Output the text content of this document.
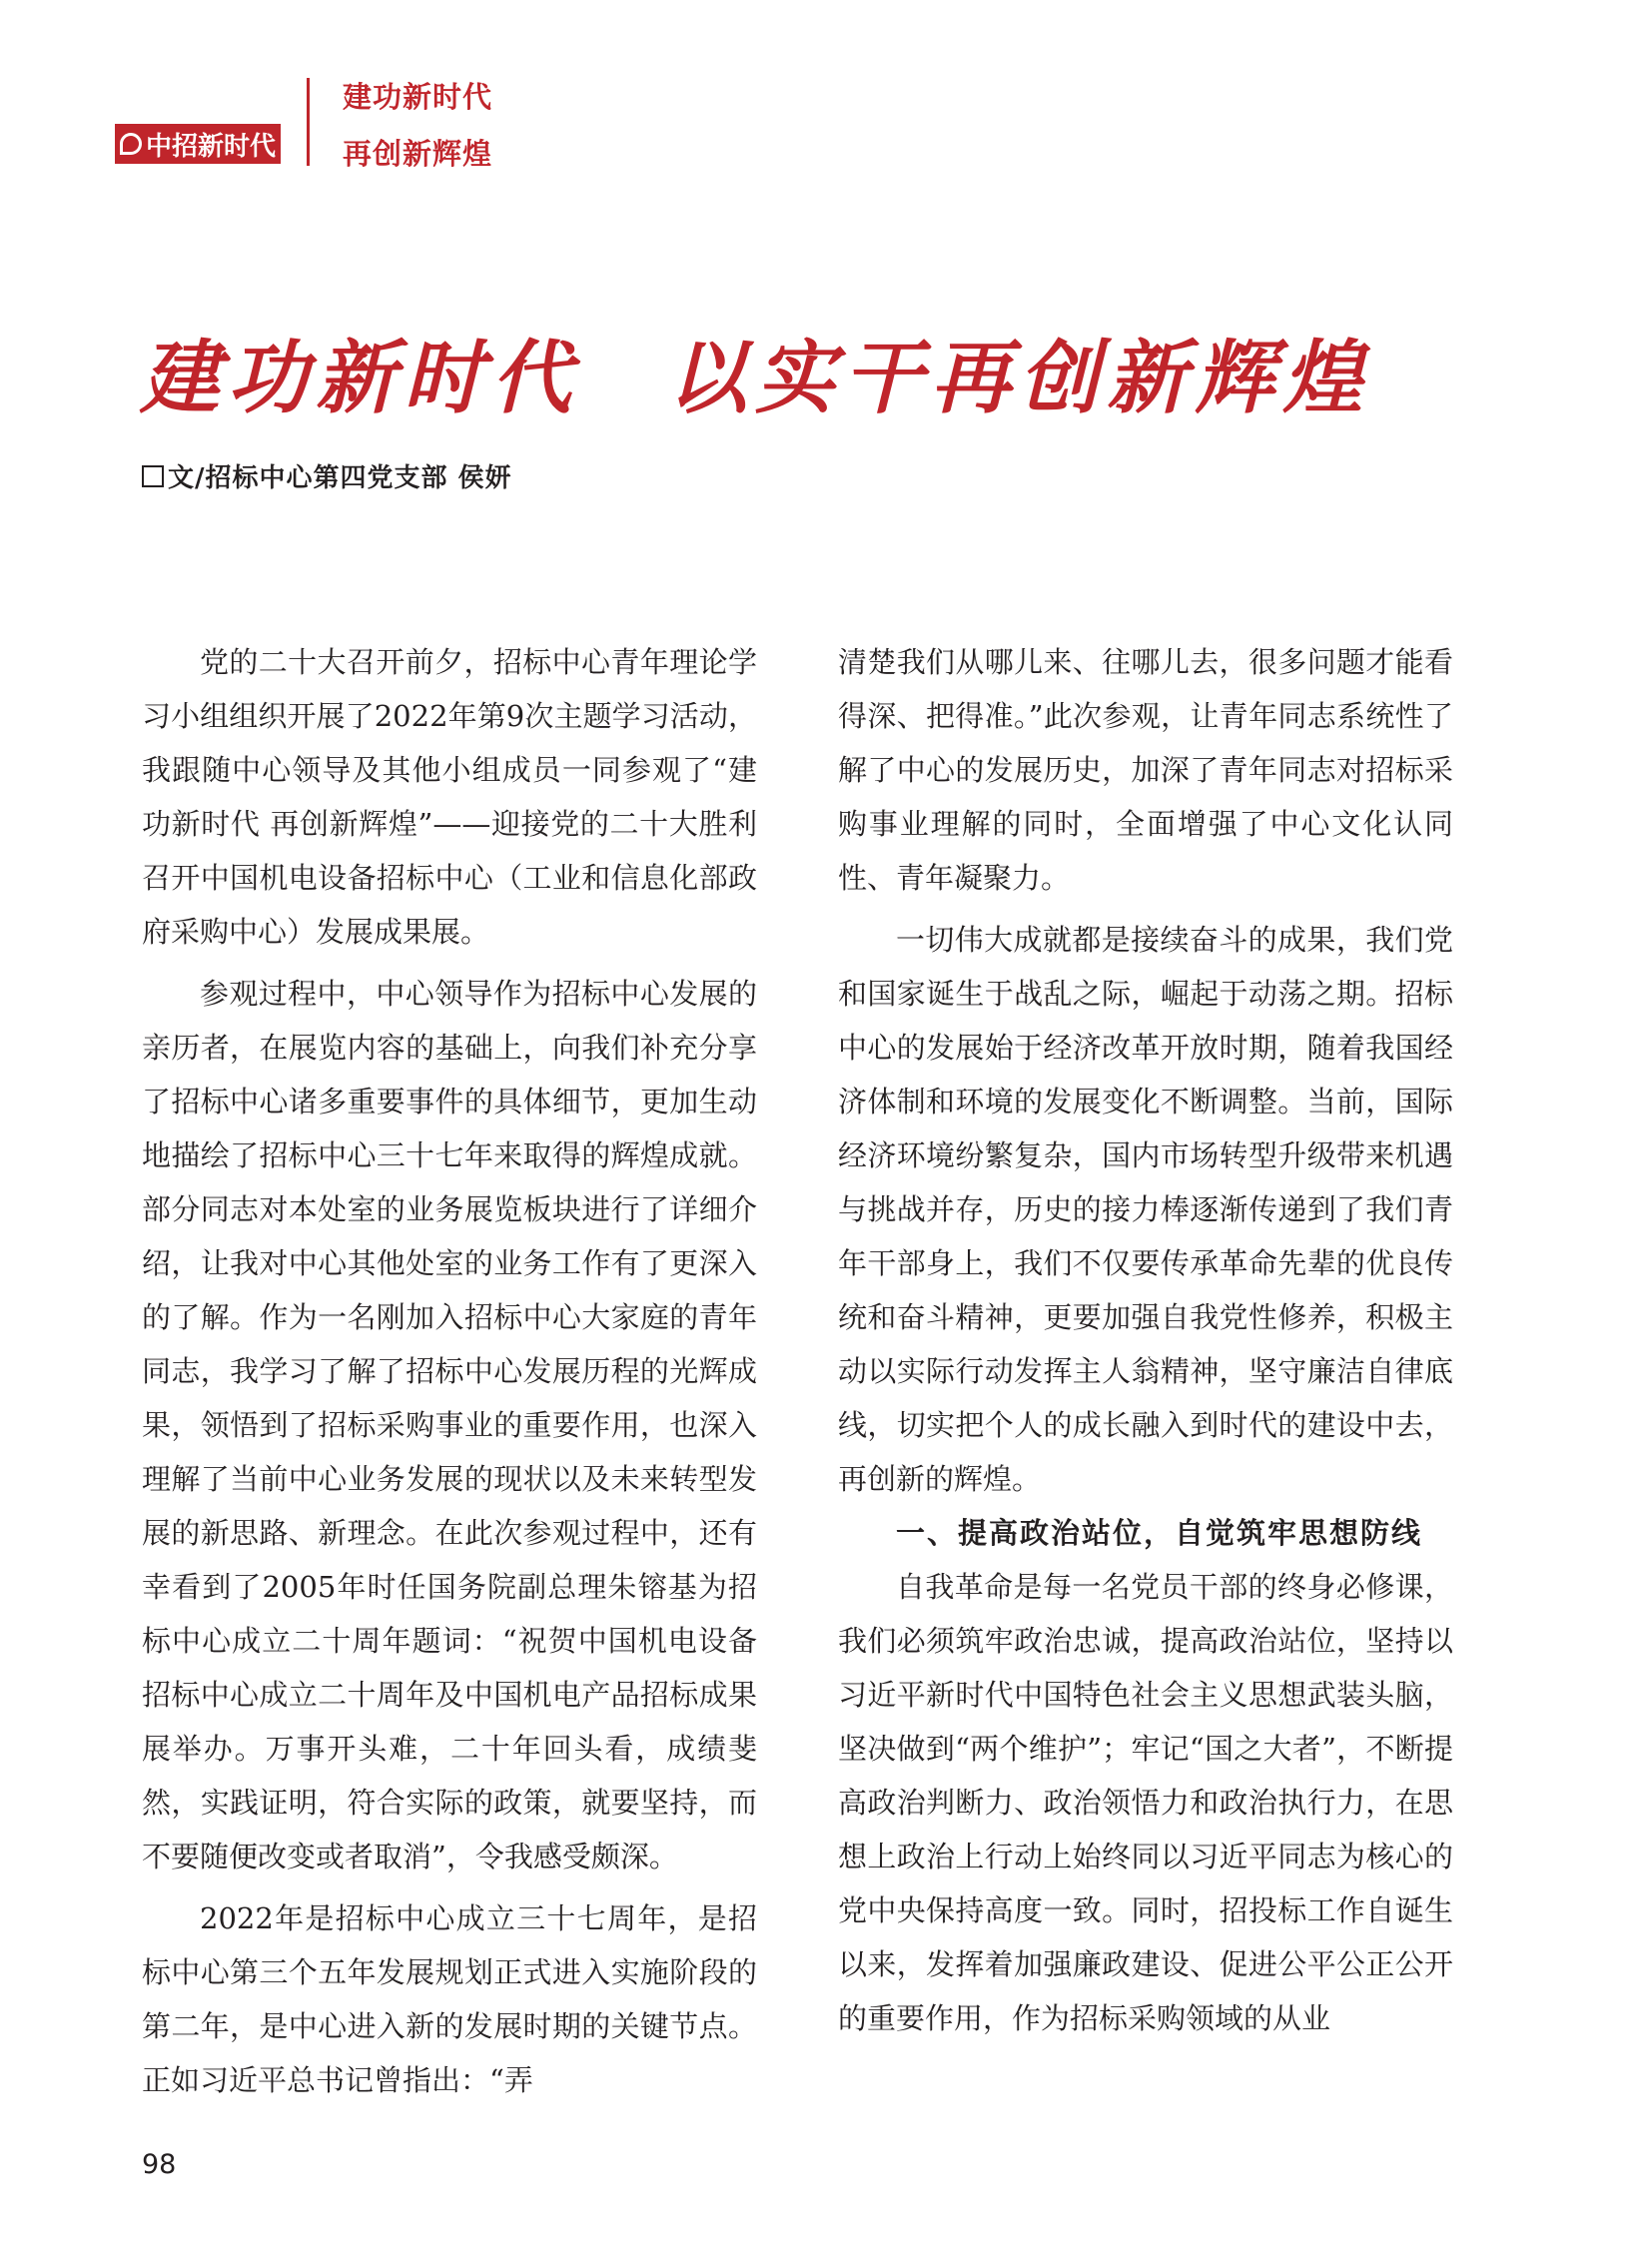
中招新时代
建功新时代
再创新辉煌
建功新时代　以实干再创新辉煌
文/招标中心第四党支部 侯妍

党的二十大召开前夕，招标中心青年理论学习小组组织开展了2022年第9次主题学习活动，我跟随中心领导及其他小组成员一同参观了“建功新时代 再创新辉煌”——迎接党的二十大胜利召开中国机电设备招标中心（工业和信息化部政府采购中心）发展成果展。

参观过程中，中心领导作为招标中心发展的亲历者，在展览内容的基础上，向我们补充分享了招标中心诸多重要事件的具体细节，更加生动地描绘了招标中心三十七年来取得的辉煌成就。部分同志对本处室的业务展览板块进行了详细介绍，让我对中心其他处室的业务工作有了更深入的了解。作为一名刚加入招标中心大家庭的青年同志，我学习了解了招标中心发展历程的光辉成果，领悟到了招标采购事业的重要作用，也深入理解了当前中心业务发展的现状以及未来转型发展的新思路、新理念。在此次参观过程中，还有幸看到了2005年时任国务院副总理朱镕基为招标中心成立二十周年题词：“祝贺中国机电设备招标中心成立二十周年及中国机电产品招标成果展举办。万事开头难，二十年回头看，成绩斐然，实践证明，符合实际的政策，就要坚持，而不要随便改变或者取消”，令我感受颇深。

2022年是招标中心成立三十七周年，是招标中心第三个五年发展规划正式进入实施阶段的第二年，是中心进入新的发展时期的关键节点。正如习近平总书记曾指出：“弄

清楚我们从哪儿来、往哪儿去，很多问题才能看得深、把得准。”此次参观，让青年同志系统性了解了中心的发展历史，加深了青年同志对招标采购事业理解的同时，全面增强了中心文化认同性、青年凝聚力。

一切伟大成就都是接续奋斗的成果，我们党和国家诞生于战乱之际，崛起于动荡之期。招标中心的发展始于经济改革开放时期，随着我国经济体制和环境的发展变化不断调整。当前，国际经济环境纷繁复杂，国内市场转型升级带来机遇与挑战并存，历史的接力棒逐渐传递到了我们青年干部身上，我们不仅要传承革命先辈的优良传统和奋斗精神，更要加强自我党性修养，积极主动以实际行动发挥主人翁精神，坚守廉洁自律底线，切实把个人的成长融入到时代的建设中去，再创新的辉煌。

一、提高政治站位，自觉筑牢思想防线

自我革命是每一名党员干部的终身必修课，我们必须筑牢政治忠诚，提高政治站位，坚持以习近平新时代中国特色社会主义思想武装头脑，坚决做到“两个维护”；牢记“国之大者”，不断提高政治判断力、政治领悟力和政治执行力，在思想上政治上行动上始终同以习近平同志为核心的党中央保持高度一致。同时，招投标工作自诞生以来，发挥着加强廉政建设、促进公平公正公开的重要作用，作为招标采购领域的从业

98
